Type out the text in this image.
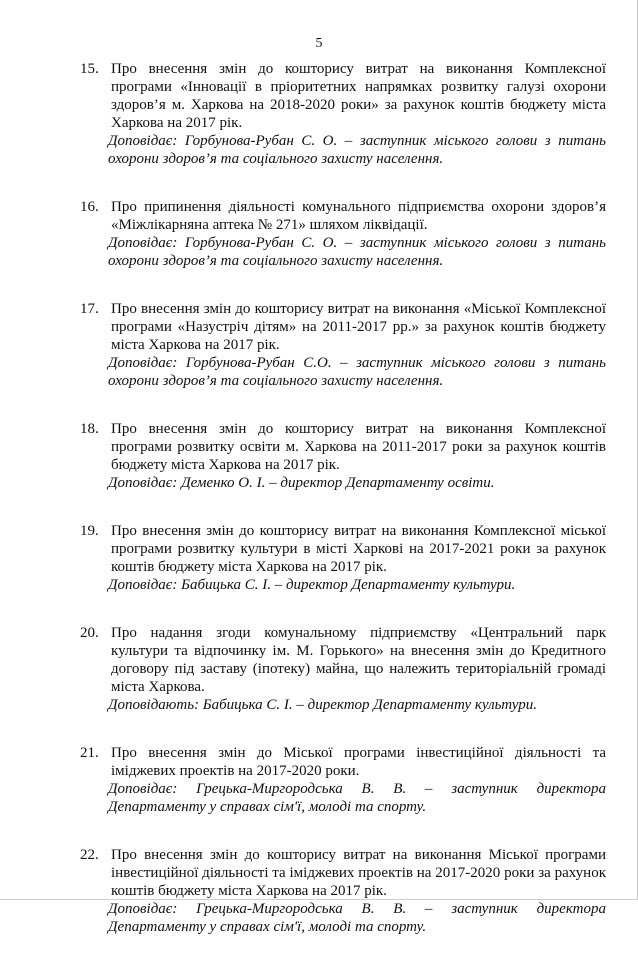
5
15. Про внесення змін до кошторису витрат на виконання Комплексної програми «Інновації в пріоритетних напрямках розвитку галузі охорони здоров’я м. Харкова на 2018-2020 роки» за рахунок коштів бюджету міста Харкова на 2017 рік.
Доповідає: Горбунова-Рубан С. О. – заступник міського голови з питань охорони здоров’я та соціального захисту населення.
16. Про припинення діяльності комунального підприємства охорони здоров’я «Міжлікарняна аптека № 271» шляхом ліквідації.
Доповідає: Горбунова-Рубан С. О. – заступник міського голови з питань охорони здоров’я та соціального захисту населення.
17. Про внесення змін до кошторису витрат на виконання «Міської Комплексної програми «Назустріч дітям» на 2011-2017 рр.» за рахунок коштів бюджету міста Харкова на 2017 рік.
Доповідає: Горбунова-Рубан С.О. – заступник міського голови з питань охорони здоров’я та соціального захисту населення.
18. Про внесення змін до кошторису витрат на виконання Комплексної програми розвитку освіти м. Харкова на 2011-2017 роки за рахунок коштів бюджету міста Харкова на 2017 рік.
Доповідає: Деменко О. І. – директор Департаменту освіти.
19. Про внесення змін до кошторису витрат на виконання Комплексної міської програми розвитку культури в місті Харкові на 2017-2021 роки за рахунок коштів бюджету міста Харкова на 2017 рік.
Доповідає: Бабицька С. І. – директор Департаменту культури.
20. Про надання згоди комунальному підприємству «Центральний парк культури та відпочинку ім. М. Горького» на внесення змін до Кредитного договору під заставу (іпотеку) майна, що належить територіальній громаді міста Харкова.
Доповідають: Бабицька С. І. – директор Департаменту культури.
21. Про внесення змін до Міської програми інвестиційної діяльності та іміджевих проектів на 2017-2020 роки.
Доповідає: Грецька-Миргородська В. В. – заступник директора Департаменту у справах сім'ї, молоді та спорту.
22. Про внесення змін до кошторису витрат на виконання Міської програми інвестиційної діяльності та іміджевих проектів на 2017-2020 роки за рахунок коштів бюджету міста Харкова на 2017 рік.
Доповідає: Грецька-Миргородська В. В. – заступник директора Департаменту у справах сім'ї, молоді та спорту.
